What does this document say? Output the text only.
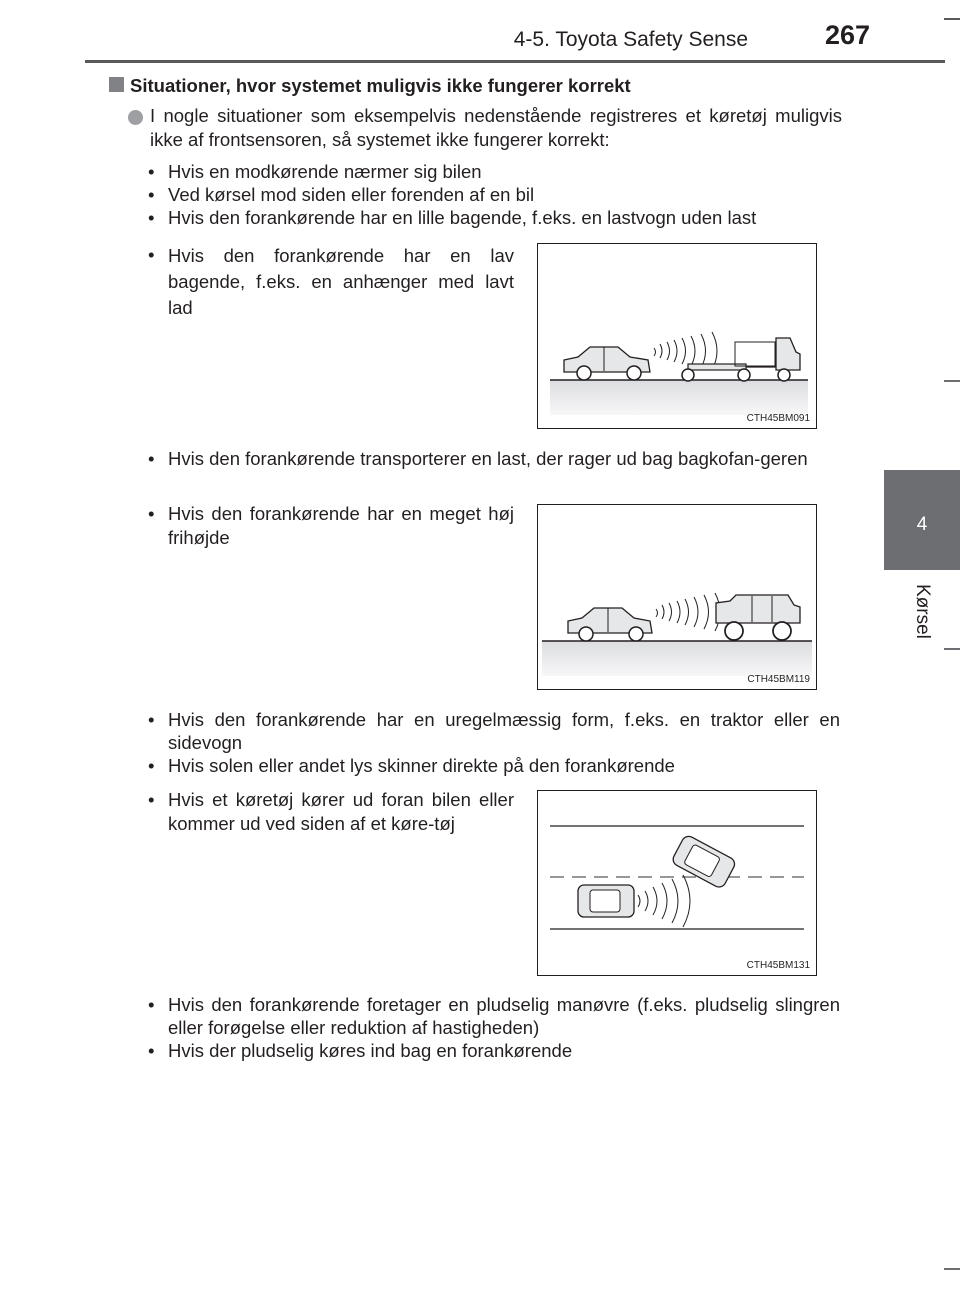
4-5. Toyota Safety Sense	267
4
Kørsel
Situationer, hvor systemet muligvis ikke fungerer korrekt
I nogle situationer som eksempelvis nedenstående registreres et køretøj muligvis ikke af frontsensoren, så systemet ikke fungerer korrekt:
• Hvis en modkørende nærmer sig bilen
• Ved kørsel mod siden eller forenden af en bil
• Hvis den forankørende har en lille bagende, f.eks. en lastvogn uden last
• Hvis den forankørende har en lav bagende, f.eks. en anhænger med lavt lad
CTH45BM091
• Hvis den forankørende transporterer en last, der rager ud bag bagkofan-geren
• Hvis den forankørende har en meget høj frihøjde
CTH45BM119
• Hvis den forankørende har en uregelmæssig form, f.eks. en traktor eller en sidevogn
• Hvis solen eller andet lys skinner direkte på den forankørende
• Hvis et køretøj kører ud foran bilen eller kommer ud ved siden af et køre-tøj
CTH45BM131
• Hvis den forankørende foretager en pludselig manøvre (f.eks. pludselig slingren eller forøgelse eller reduktion af hastigheden)
• Hvis der pludselig køres ind bag en forankørende
